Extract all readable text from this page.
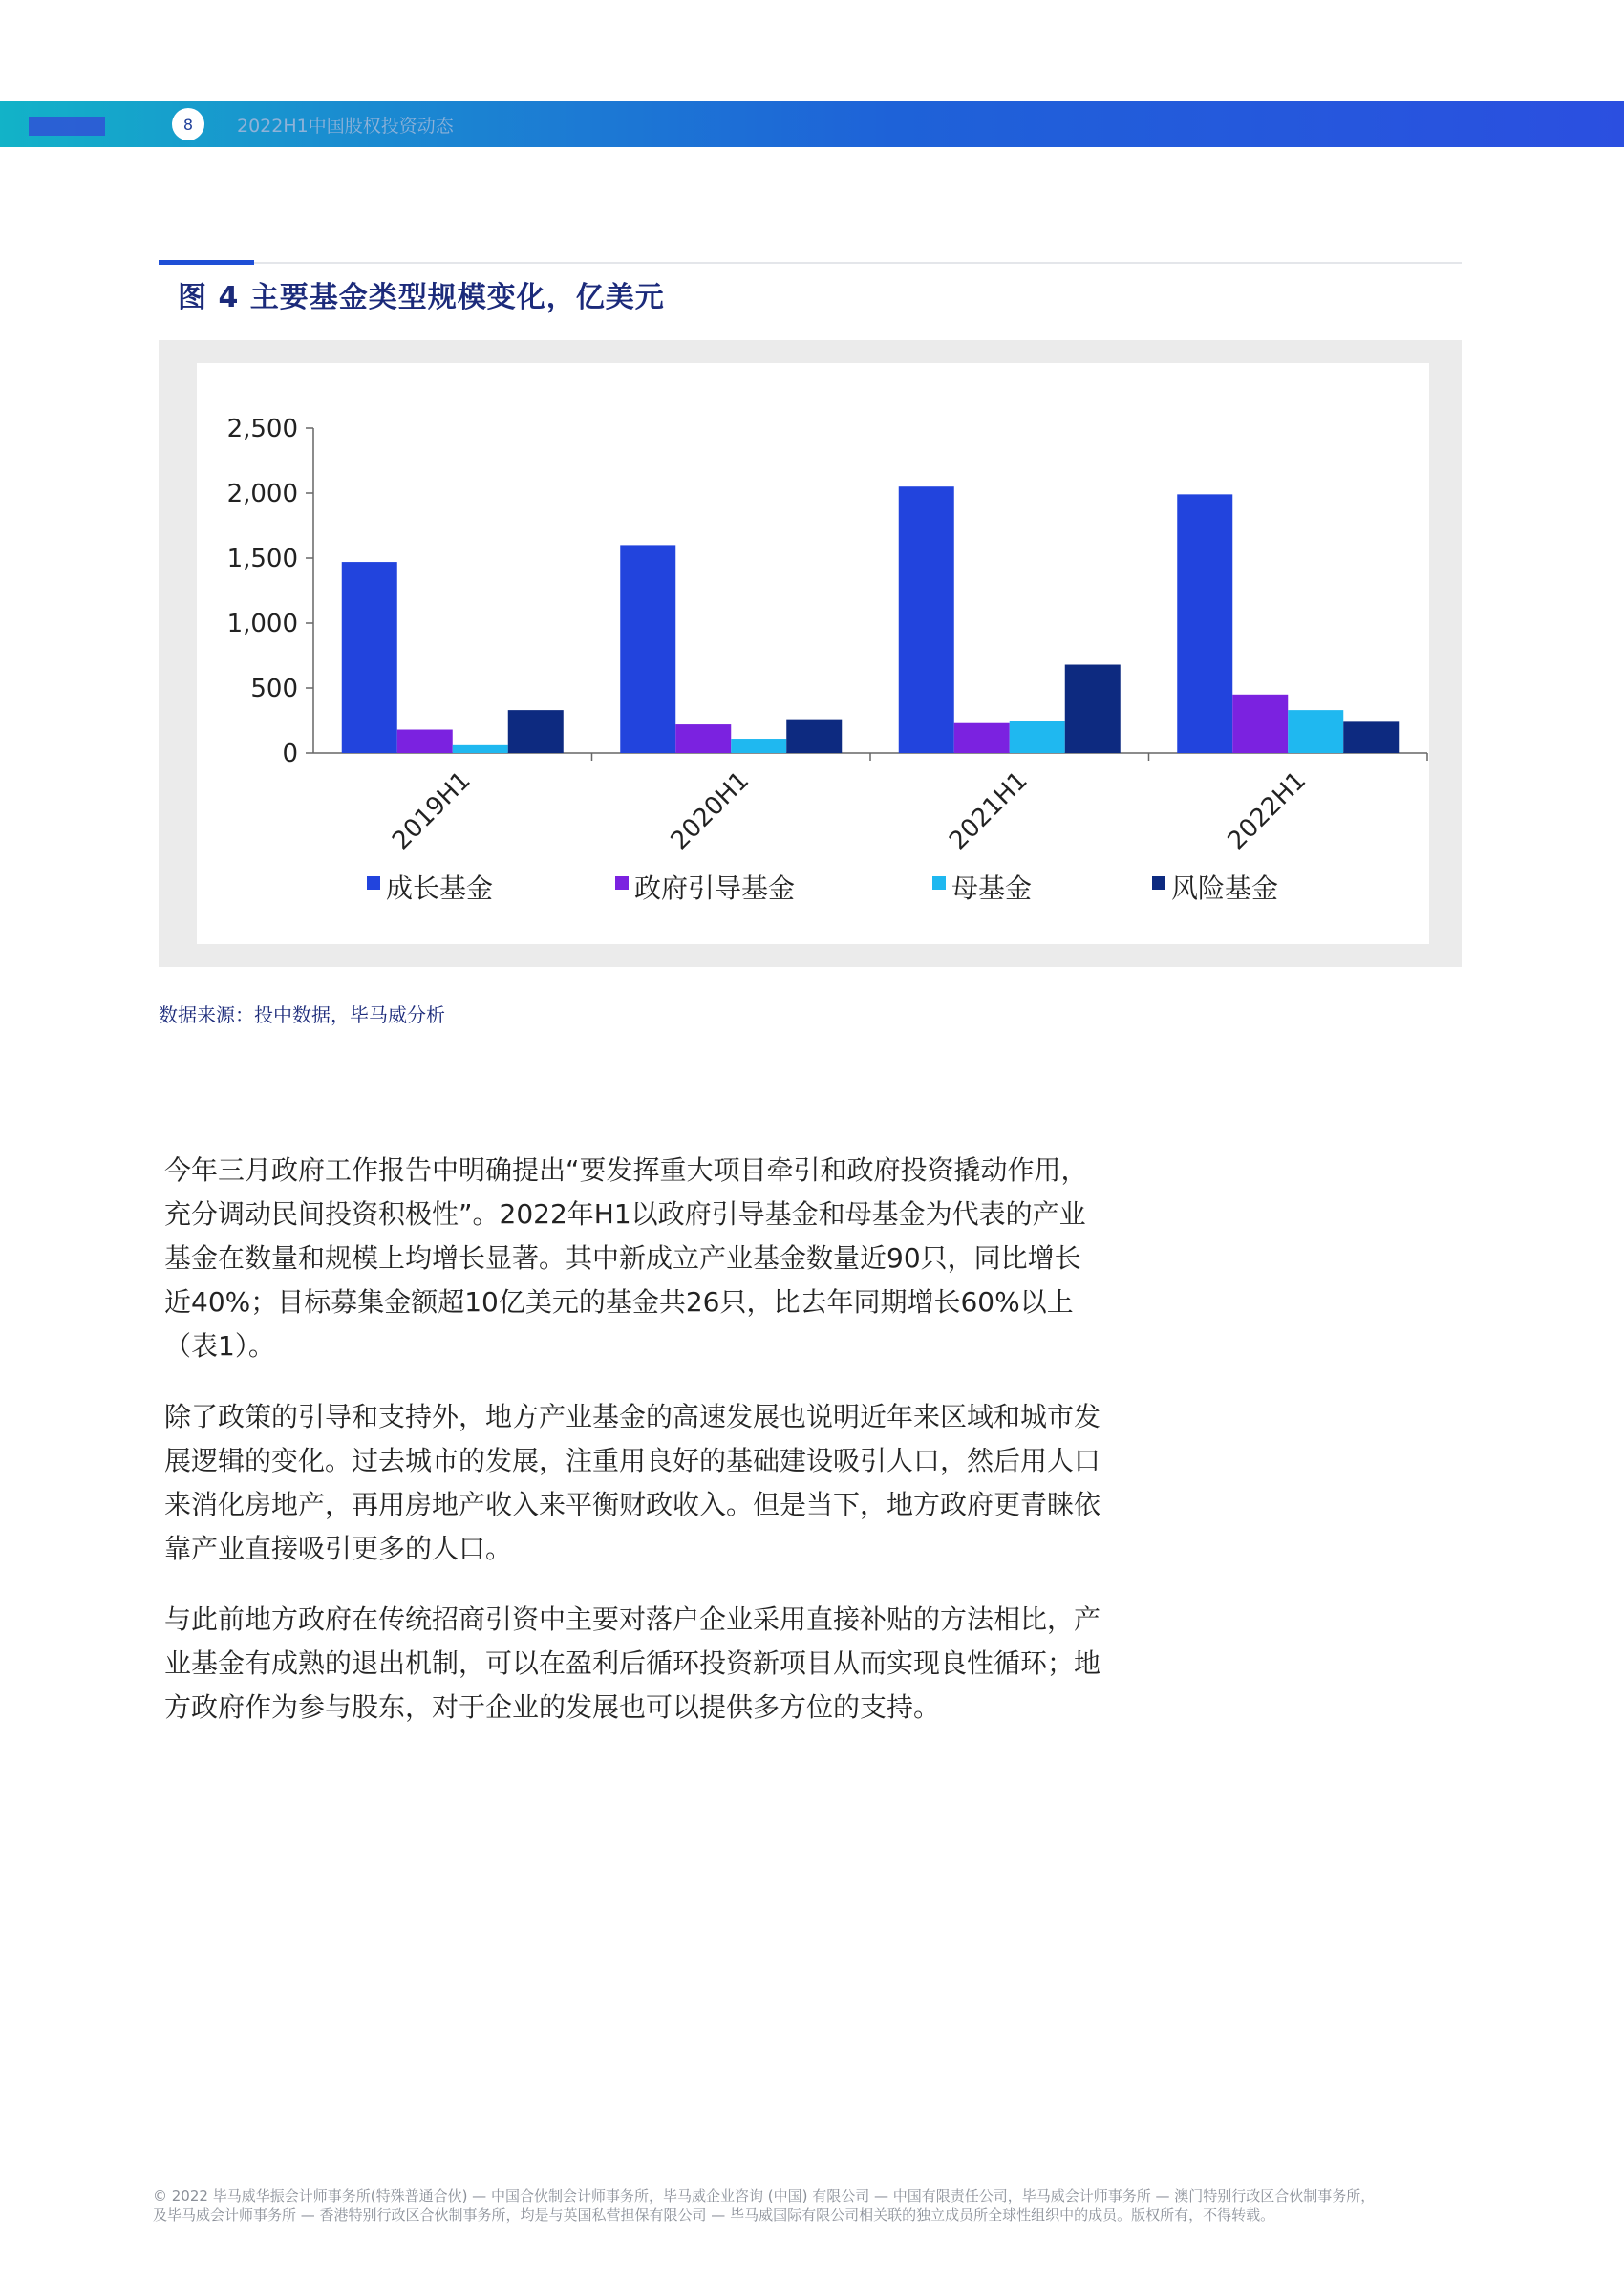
8	2022H1中国股权投资动态
图 4 主要基金类型规模变化，亿美元
0
500
1,000
1,500
2,000
2,500
2019H1	2020H1	2021H1	2022H1
成长基金	政府引导基金	母基金	风险基金
数据来源：投中数据，毕马威分析

今年三月政府工作报告中明确提出“要发挥重大项目牵引和政府投资撬动作用，充分调动民间投资积极性”。2022年H1以政府引导基金和母基金为代表的产业基金在数量和规模上均增长显著。其中新成立产业基金数量近90只，同比增长近40%；目标募集金额超10亿美元的基金共26只，比去年同期增长60%以上（表1）。

除了政策的引导和支持外，地方产业基金的高速发展也说明近年来区域和城市发展逻辑的变化。过去城市的发展，注重用良好的基础建设吸引人口，然后用人口来消化房地产，再用房地产收入来平衡财政收入。但是当下，地方政府更青睐依靠产业直接吸引更多的人口。

与此前地方政府在传统招商引资中主要对落户企业采用直接补贴的方法相比，产业基金有成熟的退出机制，可以在盈利后循环投资新项目从而实现良性循环；地方政府作为参与股东，对于企业的发展也可以提供多方位的支持。

© 2022 毕马威华振会计师事务所(特殊普通合伙) — 中国合伙制会计师事务所，毕马威企业咨询 (中国) 有限公司 — 中国有限责任公司，毕马威会计师事务所 — 澳门特别行政区合伙制事务所，
及毕马威会计师事务所 — 香港特别行政区合伙制事务所，均是与英国私营担保有限公司 — 毕马威国际有限公司相关联的独立成员所全球性组织中的成员。版权所有，不得转载。
